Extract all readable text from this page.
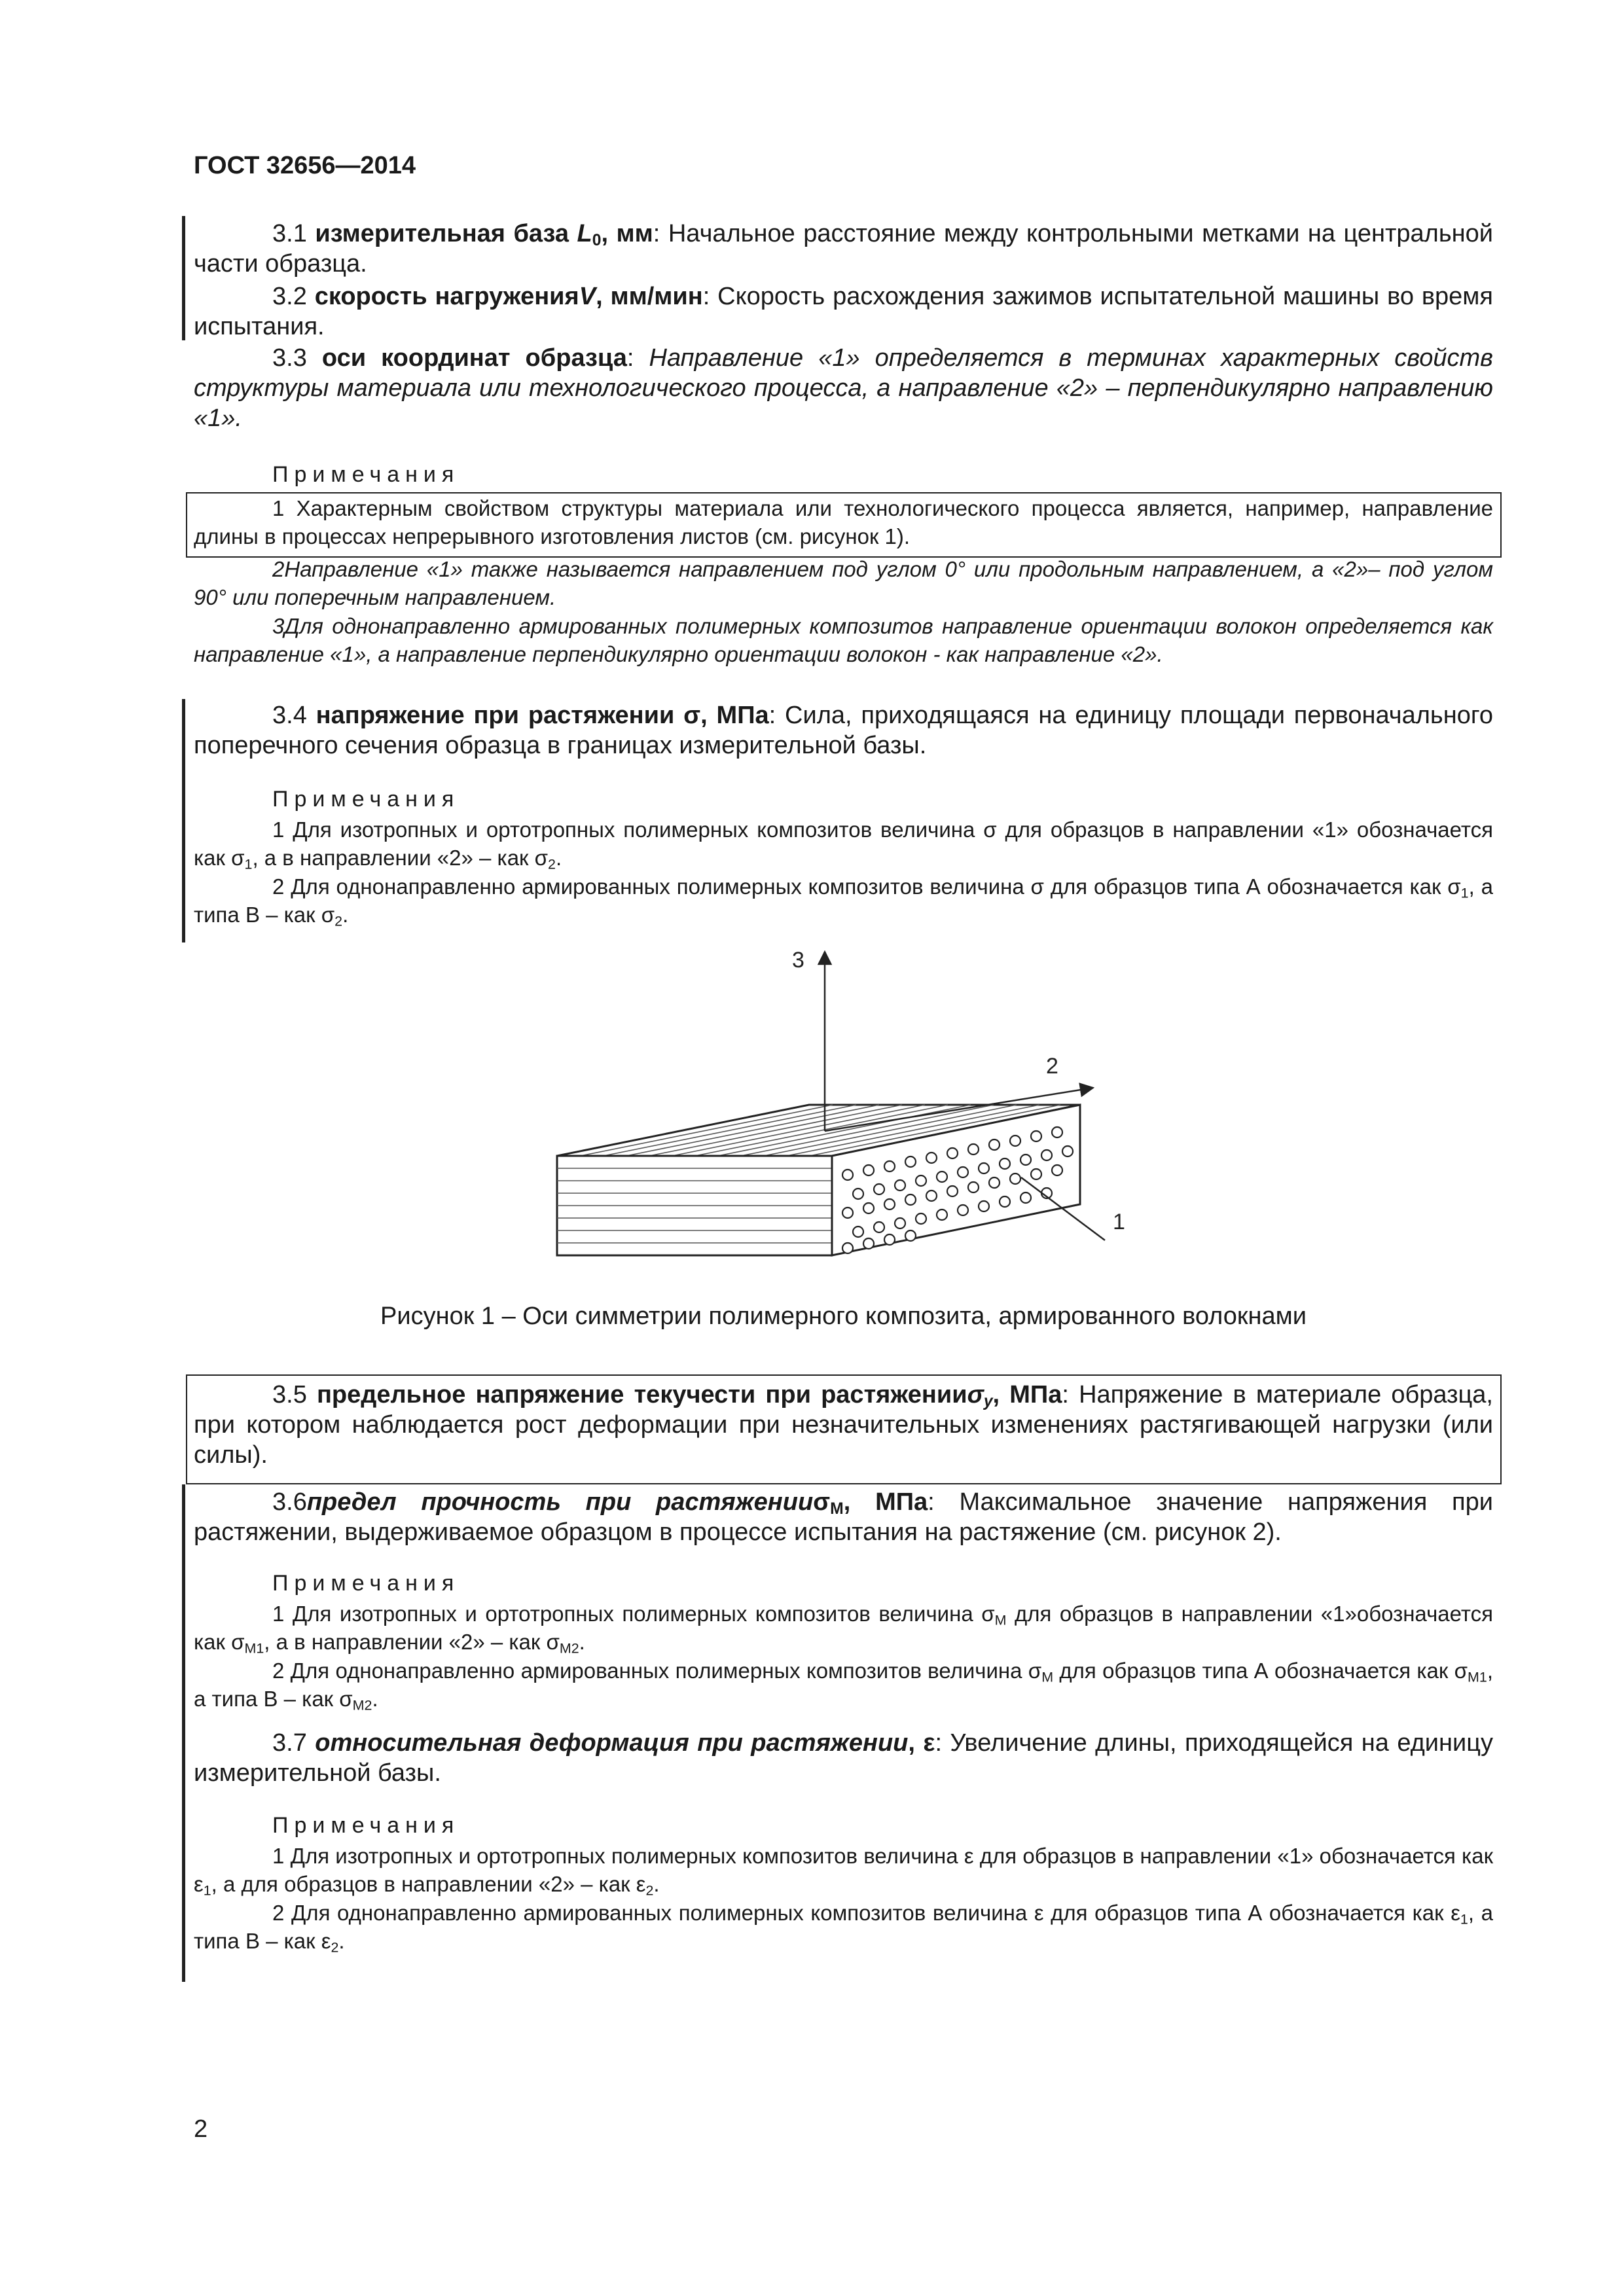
ГОСТ 32656—2014
3.1 измерительная база $L_0$, мм: Начальное расстояние между контрольными метками на центральной части образца.
3.2 скорость нагруженияV, мм/мин: Скорость расхождения зажимов испытательной машины во время испытания.
3.3 оси координат образца: Направление «1» определяется в терминах характерных свойств структуры материала или технологического процесса, а направление «2» – перпендикулярно направлению «1».
Примечания
1 Характерным свойством структуры материала или технологического процесса является, например, направление длины в процессах непрерывного изготовления листов (см. рисунок 1).
2Направление «1» также называется направлением под углом 0° или продольным направлением, а «2»– под углом 90° или поперечным направлением.
3Для однонаправленно армированных полимерных композитов направление ориентации волокон определяется как направление «1», а направление перпендикулярно ориентации волокон - как направление «2».
3.4 напряжение при растяжении σ, МПа: Сила, приходящаяся на единицу площади первоначального поперечного сечения образца в границах измерительной базы.
Примечания
1 Для изотропных и ортотропных полимерных композитов величина σ для образцов в направлении «1» обозначается как $\sigma_1$, а в направлении «2» – как $\sigma_2$.
2 Для однонаправленно армированных полимерных композитов величина σ для образцов типа А обозначается как $\sigma_1$, а типа В – как $\sigma_2$.
3
2
1
Рисунок 1 – Оси симметрии полимерного композита, армированного волокнами
3.5 предельное напряжение текучести при растяженииσ$_y$, МПа: Напряжение в материале образца, при котором наблюдается рост деформации при незначительных изменениях растягивающей нагрузки (или силы).
3.6предел прочность при растяженииσ$_М$, МПа: Максимальное значение напряжения при растяжении, выдерживаемое образцом в процессе испытания на растяжение (см. рисунок 2).
Примечания
1 Для изотропных и ортотропных полимерных композитов величина $\sigma_М$ для образцов в направлении «1»обозначается как $\sigma_{М1}$, а в направлении «2» – как $\sigma_{М2}$.
2 Для однонаправленно армированных полимерных композитов величина $\sigma_М$ для образцов типа А обозначается как $\sigma_{М1}$, а типа В – как $\sigma_{М2}$.
3.7 относительная деформация при растяжении, ε: Увеличение длины, приходящейся на единицу измерительной базы.
Примечания
1 Для изотропных и ортотропных полимерных композитов величина ε для образцов в направлении «1» обозначается как $\varepsilon_1$, а для образцов в направлении «2» – как $\varepsilon_2$.
2 Для однонаправленно армированных полимерных композитов величина ε для образцов типа А обозначается как $\varepsilon_1$, а типа В – как $\varepsilon_2$.
2
